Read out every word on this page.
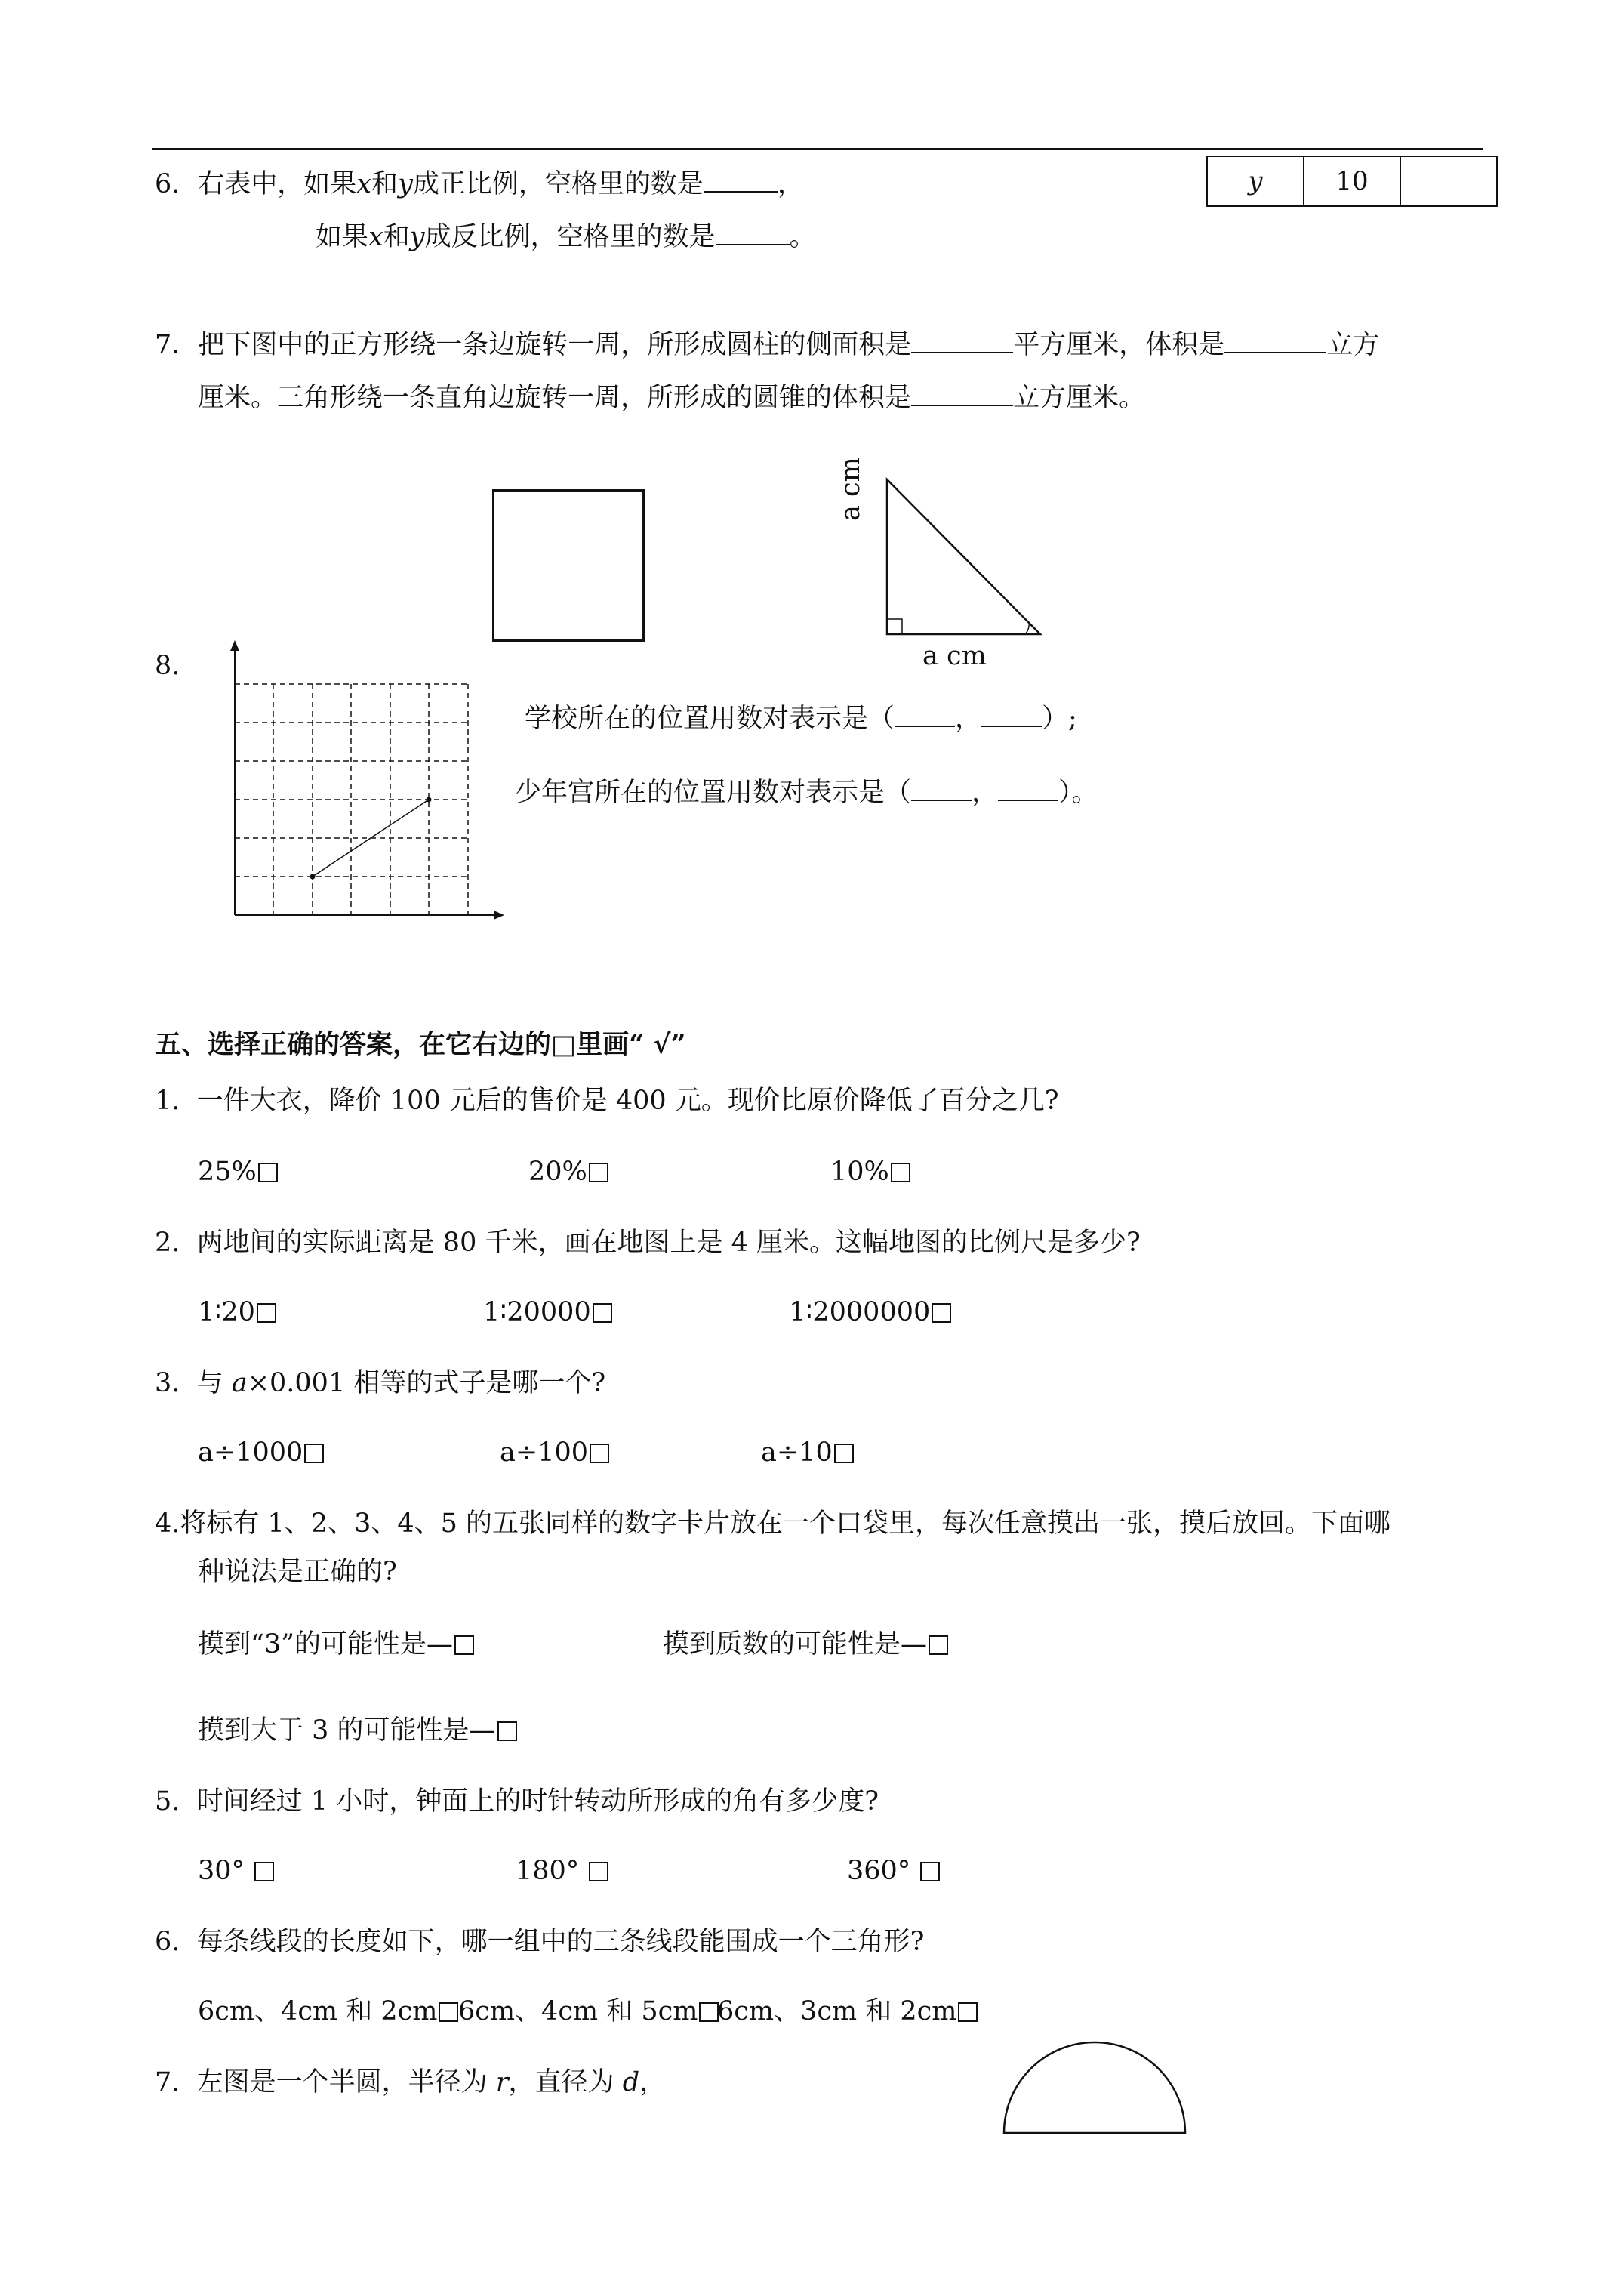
6．右表中，如果x和y成正比例，空格里的数是	，
如果x和y成反比例，空格里的数是	。
y	10	
7．把下图中的正方形绕一条边旋转一周，所形成圆柱的侧面积是	平方厘米，体积是	立方
厘米。三角形绕一条直角边旋转一周，所形成的圆锥的体积是	立方厘米。
a cm
a cm
8.
学校所在的位置用数对表示是（ ， ）;
少年宫所在的位置用数对表示是（ ， ）。
五、选择正确的答案，在它右边的□里画“ √”
1. 一件大衣，降价 100 元后的售价是 400 元。现价比原价降低了百分之几?
25%	20%	10%
2. 两地间的实际距离是 80 千米，画在地图上是 4 厘米。这幅地图的比例尺是多少?
1∶20	1∶20000	1∶2000000
3. 与 a×0.001 相等的式子是哪一个?
a÷1000	a÷100	a÷10
4.将标有 1、2、3、4、5 的五张同样的数字卡片放在一个口袋里，每次任意摸出一张，摸后放回。下面哪
种说法是正确的?
摸到“3”的可能性是—	摸到质数的可能性是—
摸到大于 3 的可能性是—
5. 时间经过 1 小时，钟面上的时针转动所形成的角有多少度?
30°	180°	360°
6. 每条线段的长度如下，哪一组中的三条线段能围成一个三角形?
6cm、4cm 和 2cm 6cm、4cm 和 5cm 6cm、3cm 和 2cm
7. 左图是一个半圆，半径为 r，直径为 d，
